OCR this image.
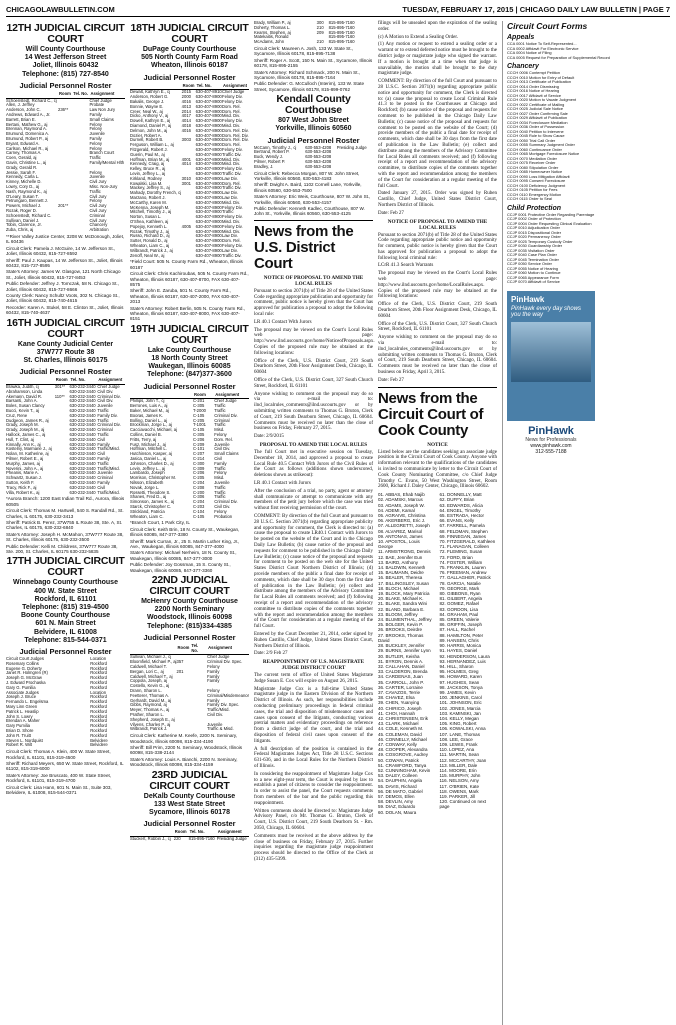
CHICAGOLAWBULLETIN.COM	TUESDAY, FEBRUARY 17, 2015 | CHICAGO DAILY LAW BULLETIN | PAGE 7
12TH JUDICIAL CIRCUIT COURT
Will County Courthouse
14 West Jefferson Street
Joliet, Illinois 60432
Telephone: (815) 727-8540
Judicial Personnel Roster
	Room	Tel. No.	Assignment
Schoenstedt, Richard C., cj			Chief Judge
Allen, J. Jeffrey			Probate
Anderson, John C.	236**		Law Non Jury
Andrews, Edward A., Jr.			Family
Barrett, Brian E.			Small Claims
Bertani, Mathew G., aj			Felony
Brennan, Raymond A.			Felony
Brumund, Domenica A.			Juvenile
Brumund, Robert P., aj			Family
Bryant, Edward A.			Felony
Carlson, Michael R., aj			Felony
Carney, Thomas A.			Branch Court
Coen, Gerald, aj			Traffic
Gavin, Christine L., aj			Family/Mental Hlth
Grady, Gerald R.			
Jessie, Sarah F.			Felony
Kennedy, Carla L.			Juvenile
Kinney, Michelle D.			Civil Jury
Lowry, Cory D., aj			Misc. Non-Jury
Nash, Raymond K., aj			Traffic
O'Leary, Susan T.			Civil Jury
Petrungaro, Bennett J.			Felony
Powers, Michael J.	201**		Civil Jury
Rozak, Roger D.			Civil Jury
Schoenstedt, Richard C.			Criminal
Sullivan, Daniel J.			Civil Jury
Tobin, Clarence, Jr.			Chancery
Zuba, Chris, aj			Arbitration
**River Valley Justice Center, 3208 W. McDonough, Joliet, IL 60436
Circuit Clerk: Pamela J. McGuire, 14 W. Jefferson St., Joliet, Illinois 60432, 815-727-8592
Sheriff: Paul J. Kaupas, 14 W. Jefferson St., Joliet, Illinois 60432, 815-727-8595
State's Attorney: James W. Glasgow, 121 North Chicago St., Joliet, Illinois 60432, 815-727-8453
Public Defender: Jeffrey J. Tomczak, 58 N. Chicago St., Joliet, Illinois 60432, 815-727-8666
County Clerk: Nancy Schultz Voots, 302 N. Chicago St., Joliet, Illinois 60432, 815-740-4615
Recorder: Karen A. Stukel, 58 E. Clinton St., Joliet, Illinois 60432, 815-740-4637
16TH JUDICIAL CIRCUIT COURT
Kane County Judicial Center
37W777 Route 38
St. Charles, Illinois 60175
Judicial Personnel Roster
	Room	Tel. No.	Assignment
Brawka, Judith, cj	301**	630-232-3440	Chief Judge
Abrahamson, Linda		630-232-3440	Civil Div.
Akemann, David R.	110**	630-232-3440	Criminal Div.
Barsanti, John A.		630-232-3440	Civil Div.
Boles, Susan Clancy		630-232-3440	Juvenile
Bucci, Kevin T., aj		630-232-3440	Traffic
Cruz, Rene		630-232-3440	Family Div.
Dudgeon, James R., aj		630-232-3440	Traffic
Grady, Joseph M.		630-232-3440	Criminal Div.
Grady, Joseph M., aj		630-232-3440	Criminal
Hallock, James C., aj		630-232-3440	Traffic
Hull, T. Clint, aj		630-232-3440	Civil
Kinnally, Ann K., aj		630-232-3440	Family
Kostelny, Marmarie J., aj		630-232-3440	Traffic/Misd.
Nolan, M. Katherine, aj		630-232-3440	Civil
Pilmer, Robert E., aj		630-232-3440	Family
Murphy, James, aj		630-232-3440	Traffic
Noverini, John A., aj		630-232-3440	Traffic/Misd.
Pheanis, Marie A.		630-232-3440	Juvenile
Schwartz, Susan J.		630-232-3440	Criminal
Sutton, Keith F.		630-232-3440	Family
Tracy, Rick F., aj		630-232-3440	Civil
Villa, Robert K., aj		630-232-3440	Traffic/Misd.
*Aurora Branch: 1200 East Indian Trail Rd., Aurora, Illinois 60505
Circuit Clerk: Thomas M. Hartwell, 540 S. Randall Rd., St. Charles, IL 60175, 630-232-3413
Sheriff: Patrick B. Perez, 37W755 IL Route 38, Ste. A, St. Charles, IL 60175, 630-232-6840
State's Attorney: Joseph H. McMahon, 37W777 Route 38, St. Charles, Illinois 60175, 630-232-3500
Public Defender: Kelli M. Childress, 37W777 Route 38, Ste. 200, St. Charles, IL 60175 630-232-5835
17TH JUDICIAL CIRCUIT COURT
Winnebago County Courthouse
400 W. State Street
Rockford, IL 61101
Telephone: (815) 319-4500
Boone County Courthouse
601 N. Main Street
Belvidere, IL 61008
Telephone: 815-544-0371
Judicial Personnel Roster
Circuit Court Judges			Location
Rosemary Collins			Rockford
Eugene G. Doherty			Rockford
Janet R. Holmgren (R)			Rockford
Joseph G. McGraw			Rockford
J. Edward Prochaska			Rockford
Gary G. Pumilia			Rockford
Associate Judges			Location
Joseph J. Bruce			Rockford
Fernando L. Engelsma			Rockford
Mary Linn Green			Rockford
Patrick L. Heaslip			Rockford
John S. Lowry			Rockford
Brendan A. Maher			Rockford
Gary Pumilia			Rockford
Brian D. Shore			Rockford
John R. Truitt			Rockford
Steven L. Nordquist			Belvidere
Robert R. Wilt			Belvidere
Circuit Clerk: Thomas A. Klein, 400 W. State Street, Rockford, IL 61101, 815-319-4500
Sheriff: Richard Meyers, 650 W. State Street, Rockford, IL 61102, 815-319-6000
State's Attorney: Joe Bruscato, 400 W. State Street, Rockford, IL 61101, 815-319-4700
Circuit Clerk: Lisa Hann, 601 N. Main St., Suite 303, Belvidere, IL 61008, 815-544-0371
18TH JUDICIAL CIRCUIT COURT
DuPage County Courthouse
505 North County Farm Road
Wheaton, Illinois 60187
Judicial Personnel Roster
	Room	Tel. No.	Assignment
Dewalt, Kathryn E., cj	2015	630-407-8910	Chief Judge
Anderson, Robert G.	2000	630-407-8900	Felony Div.
Bakalis, George J.	4016	630-407-8900	Felony Div.
Bonnie, Wayne E.	4013	630-407-8900	Dom. Rel.
Creer, Neal W., aj	2014	630-407-8900	Dom. Rel.
Dicko, Anthony V., aj	4017	630-407-8900	Misd. Div.
Dowell, Kathryn E., aj	4014	630-407-8900	Felony Div.
Diamond, Daniel P., aj	4018	630-407-8900	Misd. Div.
Delmon, John M., aj	4016	630-407-8900	Dom. Rel. Div.
Dozier, Robert A.		630-407-8900	Dom. Rel. Div.
Durnell, Robert B.	3003	630-407-8900	Dom. Rel. Div.
Ferguson, William L., aj		630-407-8900	Dom. Rel.
Fitzgerald, Robert J.		630-407-8900	Felony Div.
Guerin, Paul M., aj		630-407-8900	Traffic Div.
Hoffman, Brian M., aj	4001	630-407-8900	Misd. Div.
Kennedy, Craig, aj	4014	630-407-8900	Misd. Div.
Kelley, Bruce R., aj		630-407-8900	Felony Div.
Levin, Jeffrey L., aj		630-407-8900	Traffic Div.
Kirkland, Rodney	3010	630-407-8900	Law Div.
Kowalski, Lisa M.	3001	630-407-8900	Dom. Rel.
Mackey, Jeffrey S., aj		630-407-8900	Traffic Div.
Mahady, Dorothy French, cj		630-407-8900	Law Div.
Marzano, Robert J.		630-407-8900	Law Div.
McCarthy, Karen M.		630-407-8900	Misd. Div.
McKenna, Joseph M.		630-407-8900	Felony Div.
Mitchell, Timothy J., aj		630-407-8900	Traffic
Norton, Susan L.		630-407-8900	Felony Div.
O'Shea, Kathleen, aj		630-407-8900	Misd. Div.
Popejoy, Kenneth L.	4005	630-407-8900	Felony Div.
Rozak, Timothy J., aj		630-407-8900	Misd. Div.
Russo, Richard D., aj		630-407-8900	Law Div.
Sutter, Ronald D., aj		630-407-8900	Dom. Rel.
Wheaton, Liam C., aj		630-407-8900	Felony Div.
Wilbrandt, Patrick J., aj		630-407-8900	Law Div.
Zenoff, Neal W., aj		630-407-8900	Traffic Div.
*Field Court: 505 N. County Farm Rd., Wheaton, Illinois 60187
Circuit Clerk: Chris Kachiroubas, 505 N. County Farm Rd., Wheaton, Illinois 60187, 630-407-8700, FAX 630-407-8575
Sheriff: John E. Zaruba, 501 N. County Farm Rd., Wheaton, Illinois 60187, 630-407-2000, FAX 630-407-2013
State's Attorney: Robert Berlin, 505 N. County Farm Rd., Wheaton, Illinois 60187, 630-407-8000, FAX 630-407-8151
19TH JUDICIAL CIRCUIT COURT
Lake County Courthouse
18 North County Street
Waukegan, Illinois 60085
Telephone: (847)377-3600
Judicial Personnel Roster
	Room		Assignment
Phillips, John T., cj	C-201		Chief Judge
Berrones, Luis A., aj	C-305		Traffic
Baker, Michael M., aj	T-2000		Traffic
Booras, James K.	C-105		Criminal Div.
Bolling, Daniel L., aj	C-205		Criminal
Brockman, Jorge L., aj	T-1001		Traffic
Cacciavacchi, Michael, aj	C-105		Misd.
Collins, Daniel B.	C-305		Felony
Fritts, Terry, aj	C-206		Dom. Rel.
Fusz, Michael J., aj	C-209		Juvenile
Hoffman, Mitchell L.	C-101		Civil Div.
Hutchinson, Kasper, aj	C-207		Small Claims
Jasica, Daniel L., aj	C-214		Civil
Johnson, Charles D., aj	C-300		Family
Levin, Jeffrey L., aj	C-309		Traffic
Lambardo, Joseph	C-206		Felony
Morrison, Christopher M.	C-205		Misd.
Nilsson, Elizabeth	C-204		Juvenile
Novak, Jorge L.	C-208		Traffic
Rossetti, Theodore S.	C-200		Traffic
Shanes, Fred D., aj	C-306		Traffic
Simonson, James K., aj	C-204		Criminal Div.
Starck, Christopher C.	C-203		Civil Div.
Strickland, Patricia	C-104		Felony
Wheaton, Liam C.	C-105		Probation
*Branch Court, 1 Park City, IL
Circuit Clerk: Keith Brin, 18 N. County St., Waukegan, Illinois 60085, 847-377-3380
Sheriff: Mark Curran, Jr., 25 S. Martin Luther King, Jr., Ave., Waukegan, Illinois 60085, 847-377-4000
State's Attorney: Michael Nerheim, 18 N. County St., Waukegan, Illinois 60085, 847-377-3000
Public Defender: Joy Gossman, 15 S. County St., Waukegan, Illinois 60085, 847-377-3360
22ND JUDICIAL CIRCUIT COURT
McHenry County Courthouse
2200 North Seminary
Woodstock, Illinois 60098
Telephone: (815)334-4385
Judicial Personnel Roster
	Room	Tel. No.	Assignment
Sullivan, Michael J., cj			Chief Judge
Bloomfield, Michael P., aj	357		Criminal Div. Spec.
Caldwell, Michael T.			Felony
Bergan, Lori C., aj	201		Family
Caldwell, Michael T., aj			Family
Coppola, Joseph, aj			Family
Costello, Kevin G., aj			
Drann, Sharon L.			Felony
Feetterer, Thomas A.			Criminal/Misdemeanor
Gerhardt, David M., aj			Family
Gibbs, Raymond, aj			Family Div. Spec.
Meyer, Thomas A., aj			Traffic/Misd.
Prather, Sharon L.			Civil Div.
Shepherd, Joseph E., aj			
Vilvens, Charles P., aj			Juvenile
Wilbrandt, Patrick J.			Traffic & Misd.
Circuit Clerk: Katherine M. Keefe, 2200 N. Seminary, Woodstock, Illinois 60098, 815-334-4190
Sheriff: Bill Prim, 2200 N. Seminary, Woodstock, Illinois 60098, 815-338-2144
State's Attorney: Louis A. Bianchi, 2200 N. Seminary, Woodstock, Illinois 60098, 815-334-4159
23RD JUDICIAL CIRCUIT COURT
DeKalb County Courthouse
133 West State Street
Sycamore, Illinois 60178
Judicial Personnel Roster
	Room	Tel. No.	Assignment
Stuckert, Robbin J., cj	220	815-895-7160	Presiding Judge
Brady, William P., aj	300	815-895-7160	
Doherty, Thomas L.	210	815-895-7160	
Kearns, Stephen, aj	209	815-895-7160	
Matekaitis, Ronald		815-895-7160	
McAdams, John	210	815-895-7160	
Circuit Clerk: Maureen A. Josh, 133 W. State St., Sycamore, Illinois 60178, 815-895-7138
Sheriff: Roger A. Scott, 150 N. Main St., Sycamore, Illinois 60178, 815-895-2155
State's Attorney: Richard Schmack, 200 N. Main St., Sycamore, Illinois 60178, 815-895-7164
Public Defender: G. McCulloch (Interim), 133 W. State Street, Sycamore, Illinois 60178, 815-899-0762
Kendall County Courthouse
807 West John Street
Yorkville, Illinois 60560
Judicial Personnel Roster
McCann, Timothy J., cj		630-553-4208	Presiding Judge
Bertrand, Robert P.		630-553-4208	
Buck, Wendy J.		630-553-4208	
Pilmer, Robert P.		630-553-4208	
Bradley, J.		630-553-4208	
Circuit Clerk: Rebecca Morgan, 807 W. John Street, Yorkville, Illinois 60560, 630-553-4183
Sheriff: Dwight A. Baird, 1102 Cornell Lane, Yorkville, Illinois 60560, 630-553-7500
State's Attorney: Eric Weis, Courthouse, 807 W. John St., Yorkville, Illinois 60560, 630-553-4157
Public Defender: Kenneth Kadlec, Courthouse, 807 W. John St., Yorkville, Illinois 60560, 630-553-4125
News from the U.S. District Court
NOTICE OF PROPOSAL TO AMEND THE LOCAL RULES

Pursuant to section 2071(b) of Title 28 of the United States Code regarding appropriate publication and opportunity for comment, public notice is hereby given that the Court has approved for publication a proposal to adopt the following local rule:

LR 40.1 Contact With Jurors

The proposal may be viewed on the Court's Local Rules web page: http://www.ilnd.uscourts.gov/home/NoticeofProposals.aspx. Copies of the proposed rule may be obtained at the following locations:

Office of the Clerk, U.S. District Court, 219 South Dearborn Street, 20th Floor Assignment Desk, Chicago, IL 60604

Office of the Clerk, U.S. District Court, 327 South Church Street, Rockford, IL 61101

Anyone wishing to comment on the proposal may do so via e-mail to: ilnd_localrules_comments@ilnd.uscourts.gov or by submitting written comments to Thomas G. Bruton, Clerk of Court, 219 South Dearborn Street, Chicago, IL 60604. Comments must be received no later than the close of business on Friday, February 27, 2015.

Date: 2/9/2015

PROPOSAL TO AMEND THE LOCAL RULES

The full Court met in executive session on Tuesday, December 18, 2014, and approved a proposal to create Local Rule 40.5 Contact With Jurors of the Civil Rules of the Court as follows (additions shown underscored, deletions shown as strikeout):

LR 40.1 Contact with Jurors

After the conclusion of a trial, no party, agent or attorney shall communicate or attempt to communicate with any members of the petit jury before which the case was tried without first receiving permission of the court.

COMMENT: By direction of the full Court and pursuant to 28 U.S.C. Section 2071(b) regarding appropriate publicity and opportunity for comment, the Clerk is directed to: (a) cause the proposal to create LR40.1 Contact with Jurors to be posted on the website of the Court and in the Chicago Daily Law Bulletin; (b) cause notice of the proposal and requests for comment to be published in the Chicago Daily Law Bulletin; (c) cause notice of the proposal and requests for comment to be posted on the web site for the United States District Court Northern District of Illinois; (d) provide members of the public a final date for receipt of comments, which date shall be 30 days from the first date of publication in the Law Bulletin; (e) collect and distribute among the members of the Advisory Committee for Local Rules all comments received; and (f) following receipt of a report and recommendation of the advisory committee to distribute copies of the comments together with the report and recommendation among the members of the Court for consideration at a regular meeting of the full Court.

Entered by the Court December 21, 2014, order signed by Ruben Castillo, Chief Judge, United States District Court, Northern District of Illinois.

Date: 2/9 Feb 27

REAPPOINTMENT OF U.S. MAGISTRATE JUDGE DISTRICT COURT

The current term of office of United States Magistrate Judge Susan E. Cox will expire on August 26, 2015.

Magistrate Judge Cox is a full-time United States magistrate judge in the Eastern Division of the Northern District of Illinois. As such, her responsibilities include conducting preliminary proceedings in federal criminal cases, the trial and disposition of misdemeanor cases and cases upon consent of the litigants, conducting various pretrial matters and evidentiary proceedings on reference from a district judge of the court, and the trial and disposition of federal civil cases upon consent of the litigants.

A full description of the position is contained in the Federal Magistrates Judges Act, Title 28 U.S.C. Sections 631-636, and in the Local Rules for the Northern District of Illinois.

In considering the reappointment of Magistrate Judge Cox to a new eight-year term, the Court is required by law to establish a panel of citizens to consider the reappointment. In order to assist the panel, the Court requests comments from members of the bar and the public regarding this reappointment.

Written comments should be directed to: Magistrate Judge Advisory Panel, c/o Mr. Thomas G. Bruton, Clerk of Court, U.S. District Court, 219 South Dearborn St. - Rm. 2050, Chicago, IL 60604.

Comments must be received at the above address by the close of business on Friday, February 27, 2015. Further inquiries regarding the magistrate judge reappointment process should be directed to the Office of the Clerk at (312) 435-5399.

filings will be unsealed upon the expiration of the sealing order.

(c) A Motion to Extend a Sealing Order.

(1) Any motion or request to extend a sealing order or a warrant or to extend deferred notice must be brought to the district judge or magistrate judge who signed the warrant. If a motion is brought at a time when that judge is unavailable, the motion shall be brought to the duty magistrate judge.

COMMENT: By direction of the full Court and pursuant to 28 U.S.C. Section 2071(b) regarding appropriate public notice and opportunity for comment, the Clerk is directed to: (a) cause the proposal to create Local Criminal Rule 41.3 to be posted in the Courthouses at Chicago and Rockford; (b) cause notice of the proposal and requests for comment to be published in the Chicago Daily Law Bulletin; (c) cause notice of the proposal and requests for comment to be posted on the website of the Court; (d) provide members of the public a final date for receipt of comments, which date shall be 30 days from the first date of publication in the Law Bulletin; (e) collect and distribute among the members of the Advisory Committee for Local Rules all comments received; and (f) following receipt of a report and recommendation of the advisory committee, to distribute copies of the comments together with the report and recommendation among the members of the Court for consideration at a regular meeting of the full Court.

Dated January 27, 2015. Order was signed by Ruben Castillo, Chief Judge, United States District Court, Northern District of Illinois.

Date: Feb 27

NOTICE OF PROPOSAL TO AMEND THE LOCAL RULES

Pursuant to section 2071(b) of Title 28 of the United States Code regarding appropriate public notice and opportunity for comment, public notice is hereby given that the Court has approved for publication a proposal to adopt the following local criminal rule:

LCrR 41.3 Search Warrants

The proposal may be viewed on the Court's Local Rules web page: http://www.ilnd.uscourts.gov/home/LocalRules.aspx. Copies of the proposed rule may be obtained at the following locations:

Office of the Clerk, U.S. District Court, 219 South Dearborn Street, 20th Floor Assignment Desk, Chicago, IL 60604

Office of the Clerk, U.S. District Court, 327 South Church Street, Rockford, IL 61101

Anyone wishing to comment on the proposal may do so via e-mail to: ilnd_localrules_comments@ilnd.uscourts.gov or by submitting written comments to Thomas G. Bruton, Clerk of Court, 219 South Dearborn Street, Chicago, IL 60604. Comments must be received no later than the close of business on Friday, April 3, 2015.

Date: Feb 27

News from the Circuit Court of Cook County
NOTICE

Listed below are the candidates seeking an associate judge position in the Circuit Court of Cook County. Anyone with information relevant to the qualifications of the candidates is invited to communicate by letter to the Circuit Court of Cook County Nominating Committee, c/o Chief Judge Timothy C. Evans, 50 West Washington Street, Room 2600, Richard J. Daley Center, Chicago, Illinois 60602.

01. ABBAS, Ehab Najib
02. ADAMSKI, Marcus
03. ADAMS, Joseph W.
04. ADEMI, Kamal
05. AGRAIVE, Christina
06. AKERBERG, Eric J.
07. ALLEGRETTI, Joseph
08. ALVAREZ, Marisol
09. ANTONAS, James
10. APOSTOL, Louis George
11. ARMSTRONG, Dennis
12. BAE, Jennifer Eun
13. BAIRD, Anthony
14. BALDWIN, Kenneth
15. BAUMANN, Deidre
16. BEALER, Theresa
17. BILLINGSLEY, Susan
18. BLOCH, Michael
19. BLOCK, Mary Patricia
20. BLAKE, Michael K.
21. BLAKE, Sandra Wini
22. BLAND, Barbara E.
23. BLOOM, Jeffrey
24. BLUMENTHAL, Jeffrey
25. BOLGER, Kevin P.
26. BROOKS, Deirdre
27. BROOKS, Thomas David
28. BUCKLEY, Jennifer
29. BURNS, Jennifer Lynn
30. BUTLER, Keisha
31. BYRON, Dennis A.
32. CALLAHAN, Daniel
33. CALDERON, Brenda
34. CARDENAS, Juan
35. CARROLL, John P.
36. CARTER, Lorraine
37. CAVAZOS, Terrie
38. CHAVEZ, Elsa
39. CHEN, Yuanying
40. CHIRICO, Joseph
41. CHOI, Hannah
42. CHRISTENSEN, Erik
43. CLARK, Michael
44. COLE, Kenneth M.
45. COLEMAN, David
46. CONNELLY, Michael
47. CONWAY, Kelly
48. COOPER, Alexandra
49. COSGROVE, Audrey
50. COWAN, Patrick
51. CRAWFORD, Tanya
52. CUNNINGHAM, Kevin
53. DALEY, Colleen
54. DAUPHIN, Angela
55. DAVIS, Richard
56. DE MATO, Gabriel
57. DEMOS, Ellen
58. DEVLIN, Amy
59. DIAZ, Eduardo
60. DOLAN, Maura
61. DONNELLY, Matt
62. DUFFY, Brian
63. EDWARDS, Alicia
64. ENGEL, Timothy
65. ESTRADA, Hector
66. EVANS, Kelly
67. FARRELL, Pamela
68. FELDMAN, Stephen
69. FINNEGAN, James
70. FITZGERALD, Kathleen
71. FLANAGAN, Colleen
72. FLEMING, Susan
73. FORD, Brian
74. FOSTER, William
75. FRANKLIN, Lauren
76. FREEMAN, Andrew
77. GALLAGHER, Patrick
78. GARCIA, Natalie
79. GEORGE, Mark
80. GIBBONS, Ryan
81. GILBERT, Angela
82. GOMEZ, Rafael
83. GORDON, Lisa
84. GRAHAM, Paul
85. GREEN, Valerie
86. GRIFFIN, Joseph
87. HALL, Rachel
88. HAMILTON, Peter
89. HANSEN, Chris
90. HARRIS, Monica
91. HAYES, Daniel
92. HENDERSON, Laura
93. HERNANDEZ, Luis
94. HILL, Sharon
95. HOLMES, Greg
96. HOWARD, Karen
97. HUGHES, Sean
98. JACKSON, Tonya
99. JAMES, Kevin
100. JENKINS, Carol
101. JOHNSON, Eric
102. JONES, Marcia
103. KAMINSKI, Jan
104. KELLY, Megan
105. KING, Robert
106. KOWALSKI, Anna
107. LANE, Thomas
108. LEE, Grace
109. LEWIS, Frank
110. LOPEZ, Ana
111. MARTIN, Sean
112. MCCARTHY, Joan
113. MILLER, Dale
114. MOORE, Erin
115. MURPHY, John
116. NELSON, Amy
117. O'BRIEN, Kate
118. OWENS, Mark
119. PARKER, Jill
120. Continued on next page
Circuit Court Forms
Appeals
CCA 0001 Notice To Self-Represented...
CCA 0002 Affidavit For Electronic Service
CCA 0004 Notice of Filing
CCA 0005 Request for Preparation of Supplemental Record
Chancery
CCCH 0006 Contempt Petition
CCCH 0010 Motion for Entry of Default
CCCH 0013 Certificate of Publication
CCCH 0014 Order Dismissing
CCCH 0016 Notice of Hearing
CCCH 0017 Affidavit of Service
CCCH 0020 Motion to Vacate Judgment
CCCH 0022 Certificate of Mailing
CCCH 0025 Judicial Sale Notice
CCCH 0027 Order Confirming Sale
CCCH 0029 Affidavit of Publication
CCCH 0034 Foreclosure Mediation
CCCH 0036 Order of Possession
CCCH 0040 Petition to Intervene
CCCH 0045 Rule to Show Cause
CCCH 0050 Trial Call Order
CCCH 0055 Summary Judgment Order
CCCH 0060 Continuance Order
CCCH 0065 Mortgage Foreclosure Notice
CCCH 0070 Mediation Order
CCCH 0075 Receiver Order
CCCH 0080 Stipulation Order
CCCH 0085 Homeowner Notice
CCCH 0090 Loss Mitigation Affidavit
CCCH 0095 Consent Foreclosure
CCCH 0100 Deficiency Judgment
CCCH 0105 Petition for Fees
CCCH 0110 Emergency Motion
CCCH 0115 Order to Seal
Child Protection
CCJP 0001 Protective Order Regarding Parentage
CCJP 0002 Order of Protection
CCJP 0004 Order Requesting Clinical Evaluation
CCJP 0010 Adjudication Order
CCJP 0015 Dispositional Order
CCJP 0020 Permanency Order
CCJP 0025 Temporary Custody Order
CCJP 0030 Guardianship Order
CCJP 0035 Visitation Order
CCJP 0040 Case Plan Order
CCJP 0045 Termination Order
CCJP 0050 Service Order
CCJP 0055 Notice of Hearing
CCJP 0060 Motion to Continue
CCJP 0065 Appearance Form
CCJP 0070 Affidavit of Service
PinHawk
PinHawk every day shows you the way
PinHawk
News for Professionals
www.pinhawk.com
312-555-7188
